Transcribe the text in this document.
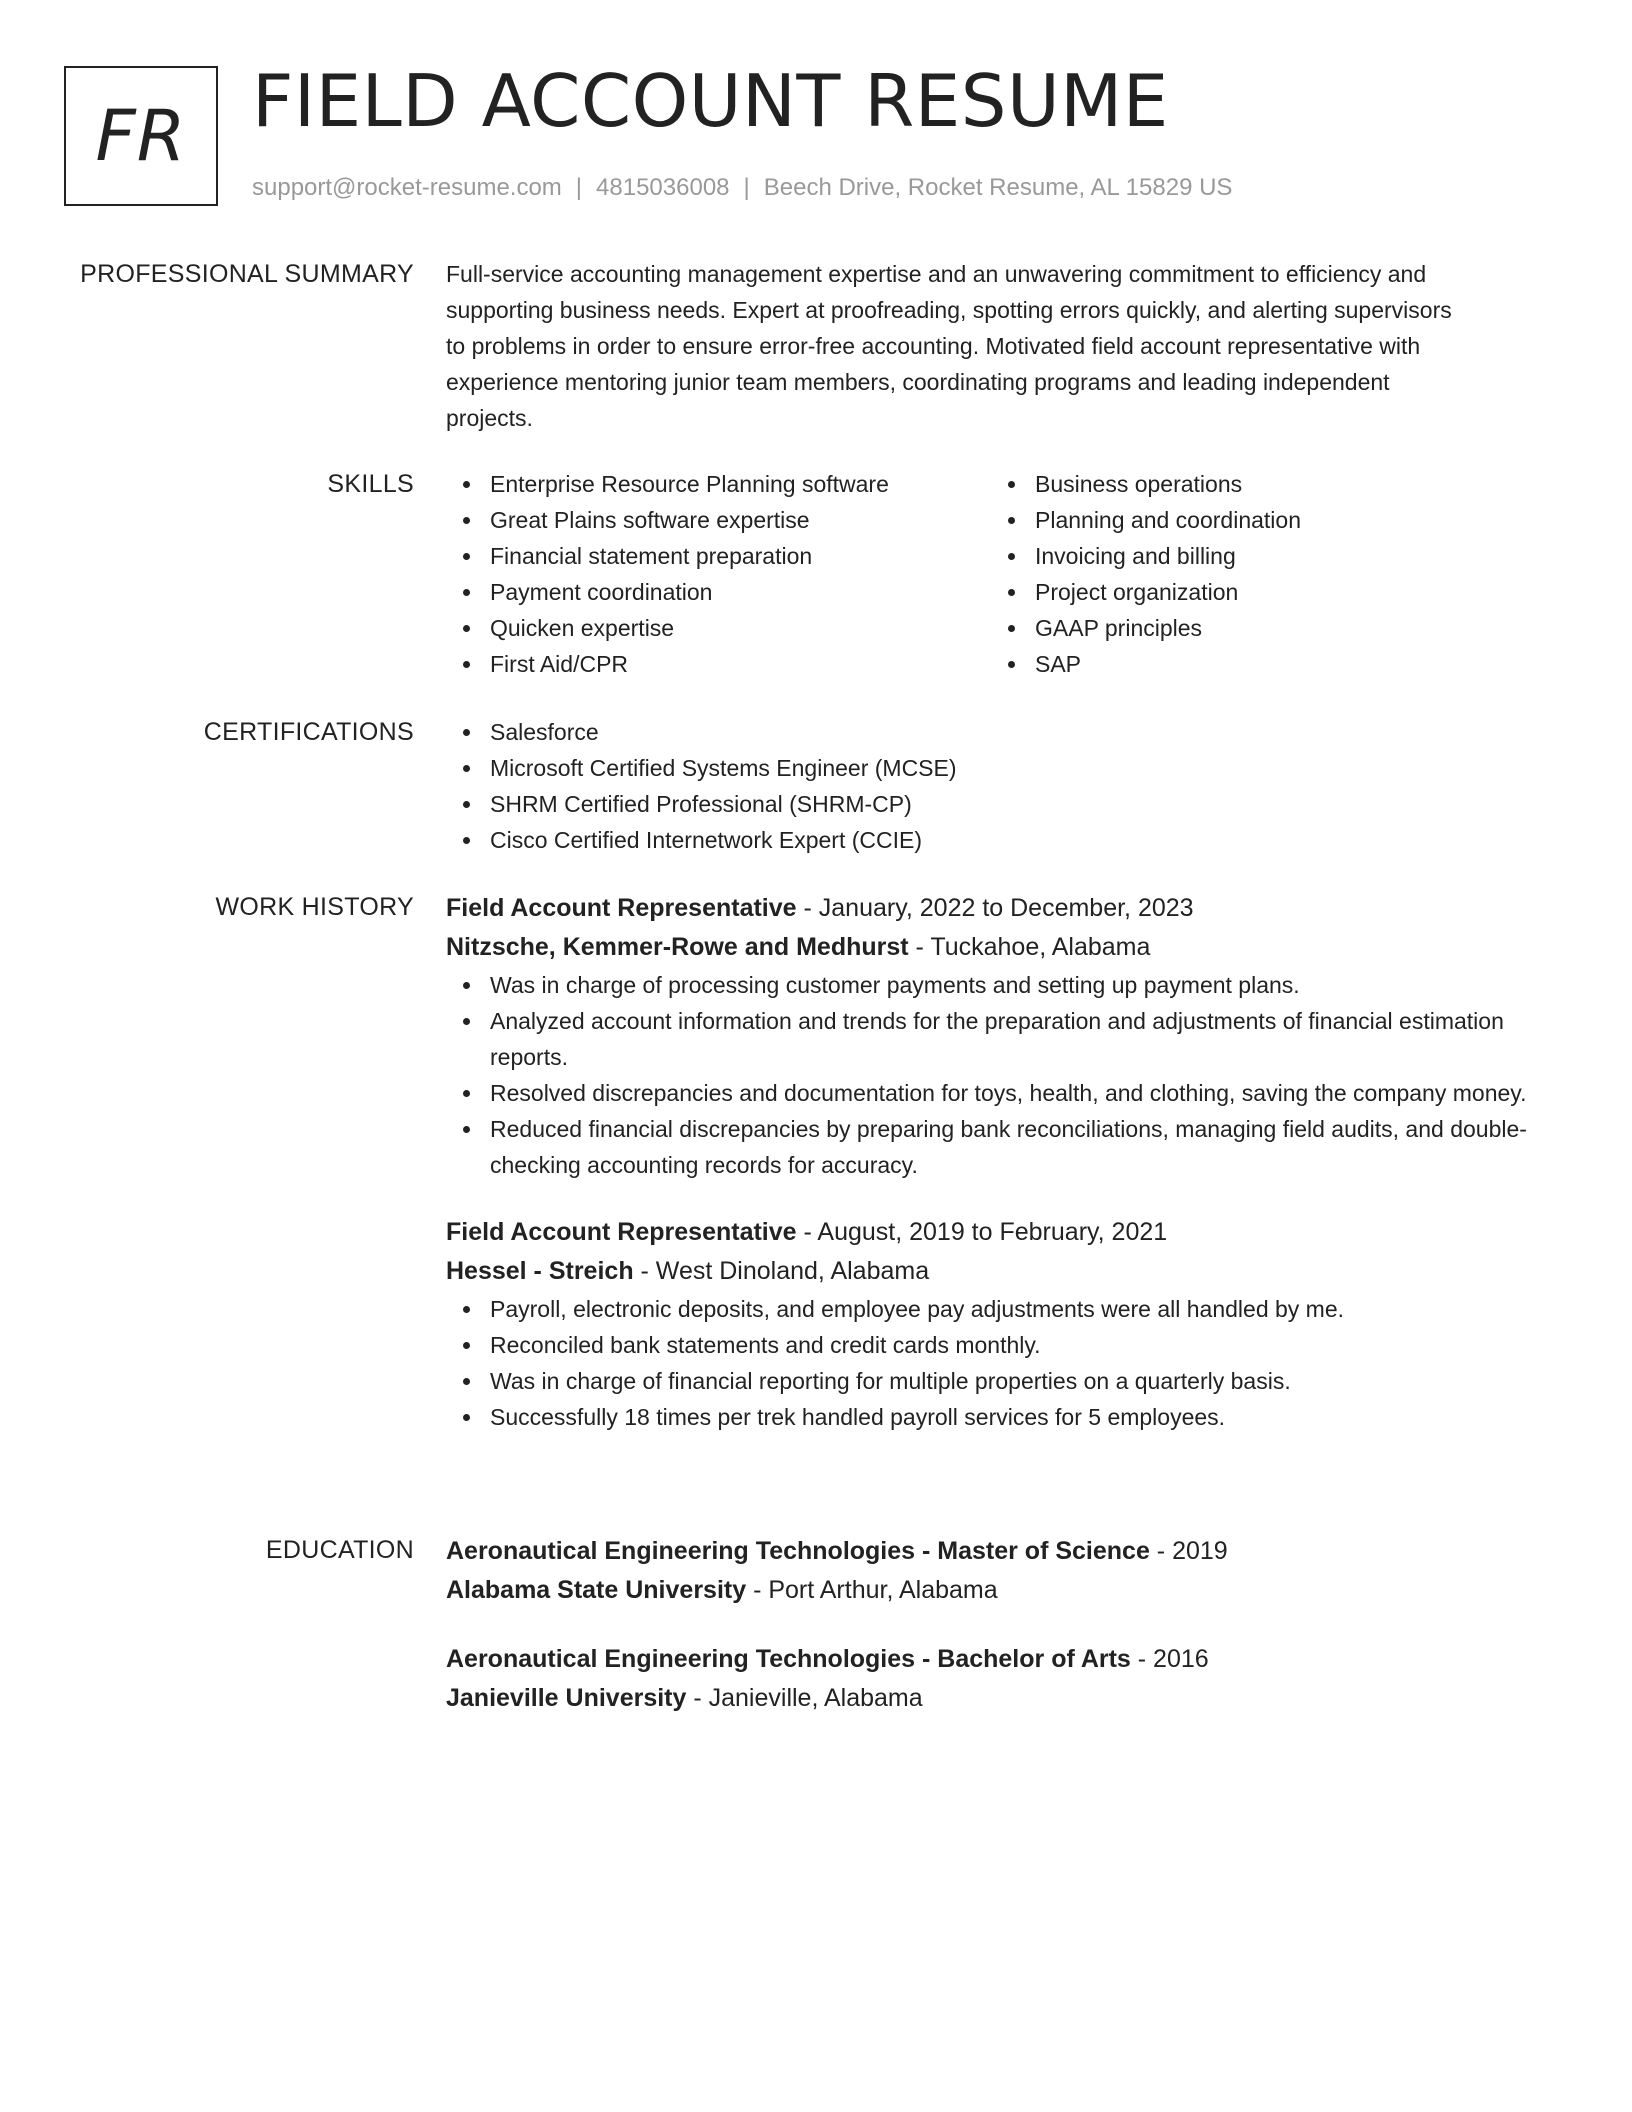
FR FIELD ACCOUNT RESUME
support@rocket-resume.com | 4815036008 | Beech Drive, Rocket Resume, AL 15829 US
PROFESSIONAL SUMMARY Full-service accounting management expertise and an unwavering commitment to efficiency and
supporting business needs. Expert at proofreading, spotting errors quickly, and alerting supervisors
to problems in order to ensure error-free accounting. Motivated field account representative with
experience mentoring junior team members, coordinating programs and leading independent
projects.

SKILLS	Enterprise Resource Planning software
Great Plains software expertise
Financial statement preparation
Payment coordination
Quicken expertise
First Aid/CPR
Business operations
Planning and coordination
Invoicing and billing
Project organization
GAAP principles
SAP
CERTIFICATIONS	Salesforce
Microsoft Certified Systems Engineer (MCSE)
SHRM Certified Professional (SHRM-CP)
Cisco Certified Internetwork Expert (CCIE)
WORK HISTORY Field Account Representative - January, 2022 to December, 2023
Nitzsche, Kemmer-Rowe and Medhurst - Tuckahoe, Alabama
Was in charge of processing customer payments and setting up payment plans.
Analyzed account information and trends for the preparation and adjustments of financial estimation reports.
Resolved discrepancies and documentation for toys, health, and clothing, saving the company money.
Reduced financial discrepancies by preparing bank reconciliations, managing field audits, and double-checking accounting records for accuracy.
Field Account Representative - August, 2019 to February, 2021
Hessel - Streich - West Dinoland, Alabama
Payroll, electronic deposits, and employee pay adjustments were all handled by me.
Reconciled bank statements and credit cards monthly.
Was in charge of financial reporting for multiple properties on a quarterly basis.
Successfully 18 times per trek handled payroll services for 5 employees.
EDUCATION Aeronautical Engineering Technologies - Master of Science - 2019
Alabama State University - Port Arthur, Alabama
Aeronautical Engineering Technologies - Bachelor of Arts - 2016
Janieville University - Janieville, Alabama
